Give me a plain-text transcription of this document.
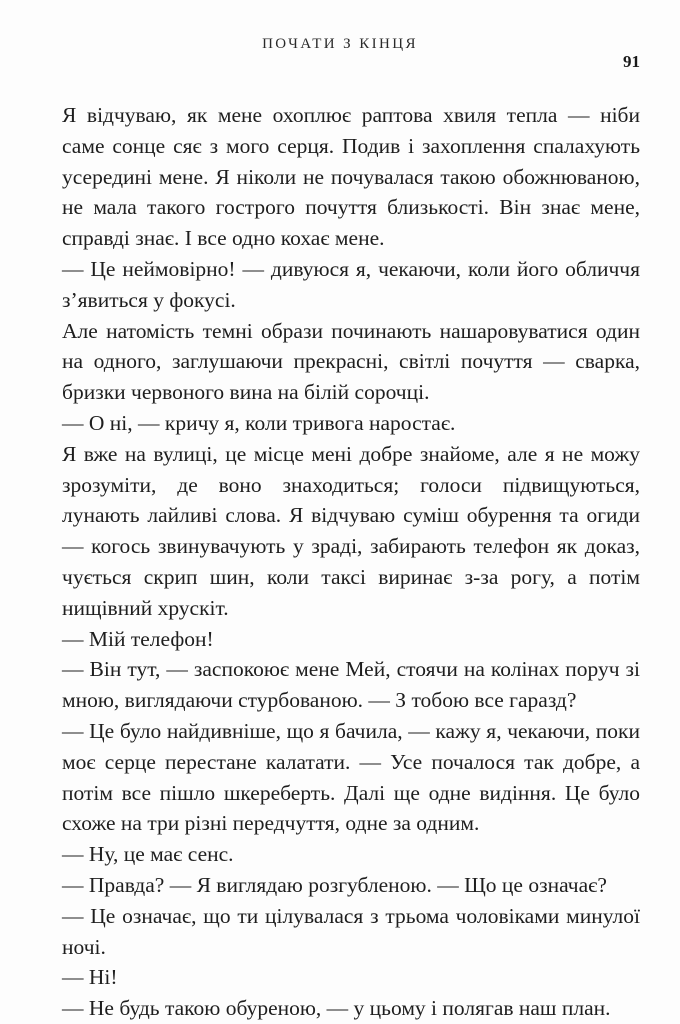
ПОЧАТИ З КІНЦЯ
91

Я відчуваю, як мене охоплює раптова хвиля тепла — ніби саме сонце сяє з мого серця. Подив і захоплення спалахують усередині мене. Я ніколи не почувалася такою обожнюваною, не мала такого гострого почуття близькості. Він знає мене, справді знає. І все одно кохає мене.

— Це неймовірно! — дивуюся я, чекаючи, коли його обличчя з’явиться у фокусі.

Але натомість темні образи починають нашаровуватися один на одного, заглушаючи прекрасні, світлі почуття — сварка, бризки червоного вина на білій сорочці.

— О ні, — кричу я, коли тривога наростає.

Я вже на вулиці, це місце мені добре знайоме, але я не можу зрозуміти, де воно знаходиться; голоси підвищуються, лунають лайливі слова. Я відчуваю суміш обурення та огиди — когось звинувачують у зраді, забирають телефон як доказ, чується скрип шин, коли таксі виринає з-за рогу, а потім нищівний хрускіт.

— Мій телефон!

— Він тут, — заспокоює мене Мей, стоячи на колінах поруч зі мною, виглядаючи стурбованою. — З тобою все гаразд?

— Це було найдивніше, що я бачила, — кажу я, чекаючи, поки моє серце перестане калатати. — Усе почалося так добре, а потім все пішло шкереберть. Далі ще одне видіння. Це було схоже на три різні передчуття, одне за одним.

— Ну, це має сенс.

— Правда? — Я виглядаю розгубленою. — Що це означає?

— Це означає, що ти цілувалася з трьома чоловіками минулої ночі.

— Ні!

— Не будь такою обуреною, — у цьому і полягав наш план.
